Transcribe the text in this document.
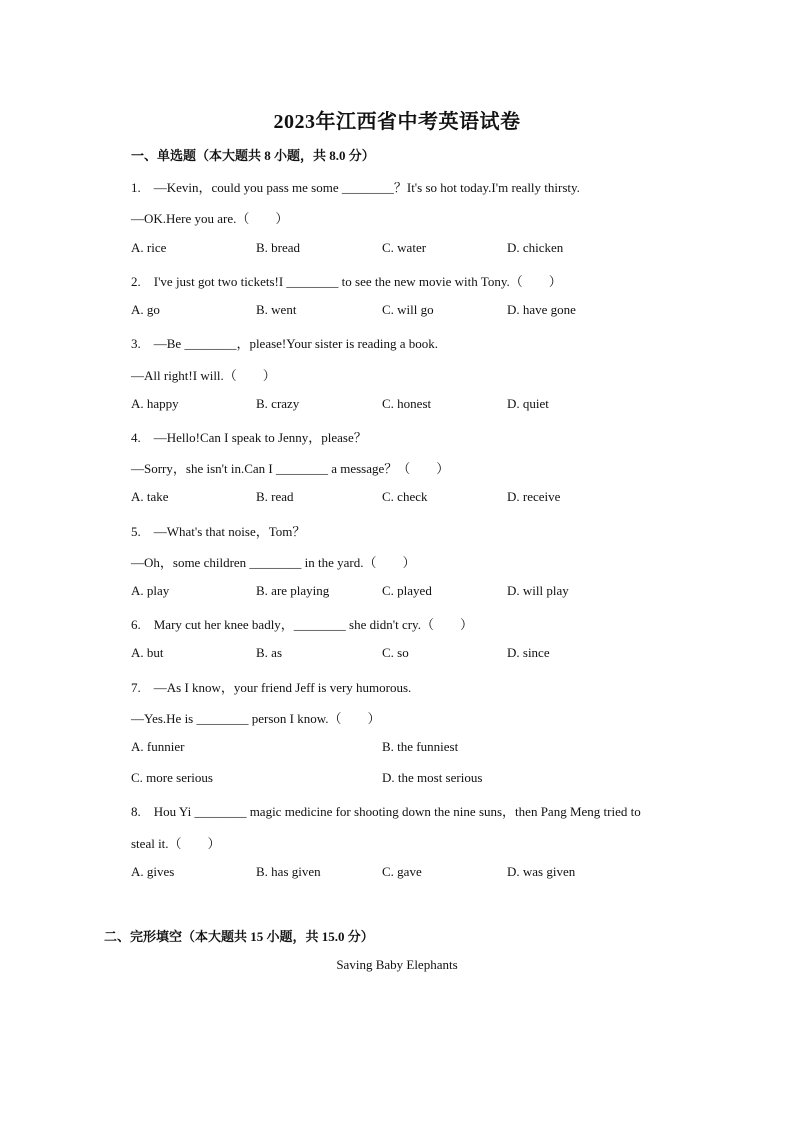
2023年江西省中考英语试卷
一、单选题（本大题共 8 小题，共 8.0 分）
1.　—Kevin，could you pass me some ________？It's so hot today.I'm really thirsty.
—OK.Here you are.（　　）
A. rice	B. bread	C. water	D. chicken
2.　I've just got two tickets!I ________ to see the new movie with Tony.（　　）
A. go	B. went	C. will go	D. have gone
3.　—Be ________，please!Your sister is reading a book.
—All right!I will.（　　）
A. happy	B. crazy	C. honest	D. quiet
4.　—Hello!Can I speak to Jenny，please？
—Sorry，she isn't in.Can I ________ a message？（　　）
A. take	B. read	C. check	D. receive
5.　—What's that noise，Tom？
—Oh，some children ________ in the yard.（　　）
A. play	B. are playing	C. played	D. will play
6.　Mary cut her knee badly，________ she didn't cry.（　　）
A. but	B. as	C. so	D. since
7.　—As I know，your friend Jeff is very humorous.
—Yes.He is ________ person I know.（　　）
A. funnier	B. the funniest
C. more serious	D. the most serious
8.　Hou Yi ________ magic medicine for shooting down the nine suns，then Pang Meng tried to
steal it.（　　）
A. gives	B. has given	C. gave	D. was given
二、完形填空（本大题共 15 小题，共 15.0 分）
Saving Baby Elephants
